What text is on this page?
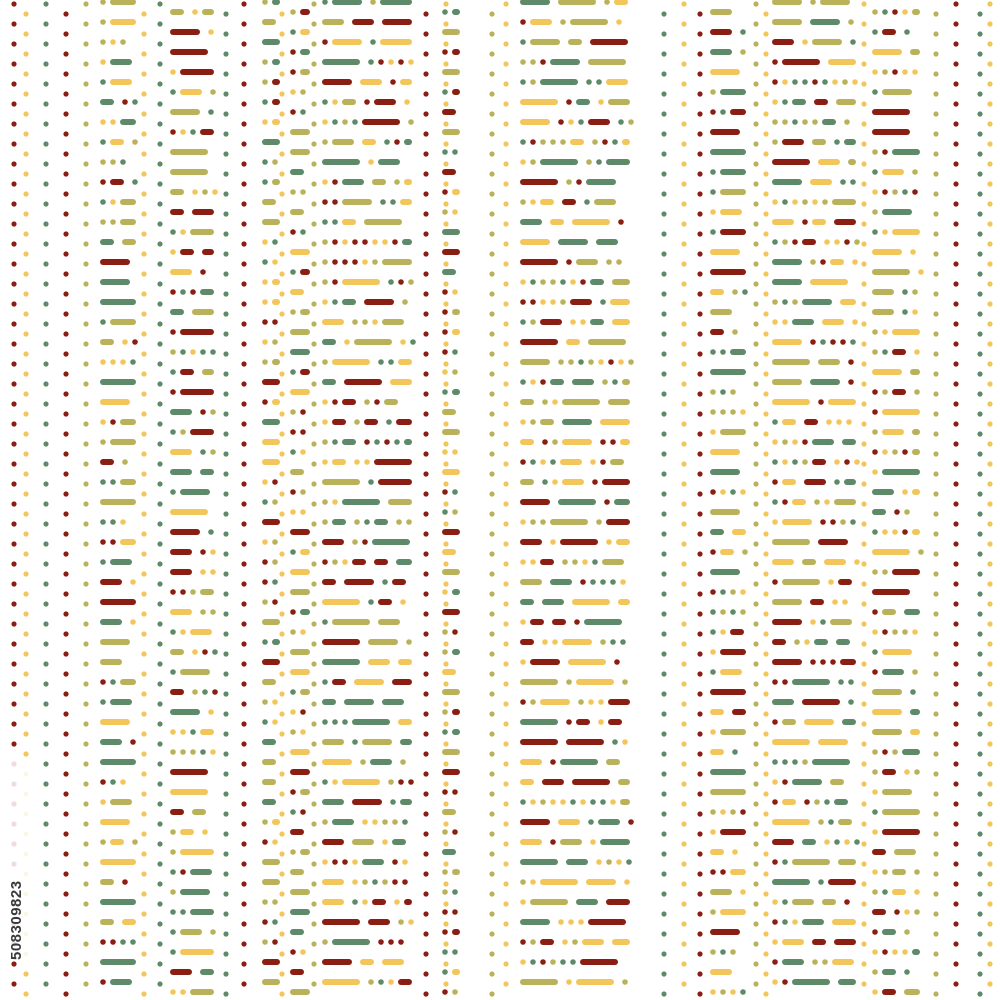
508309823
